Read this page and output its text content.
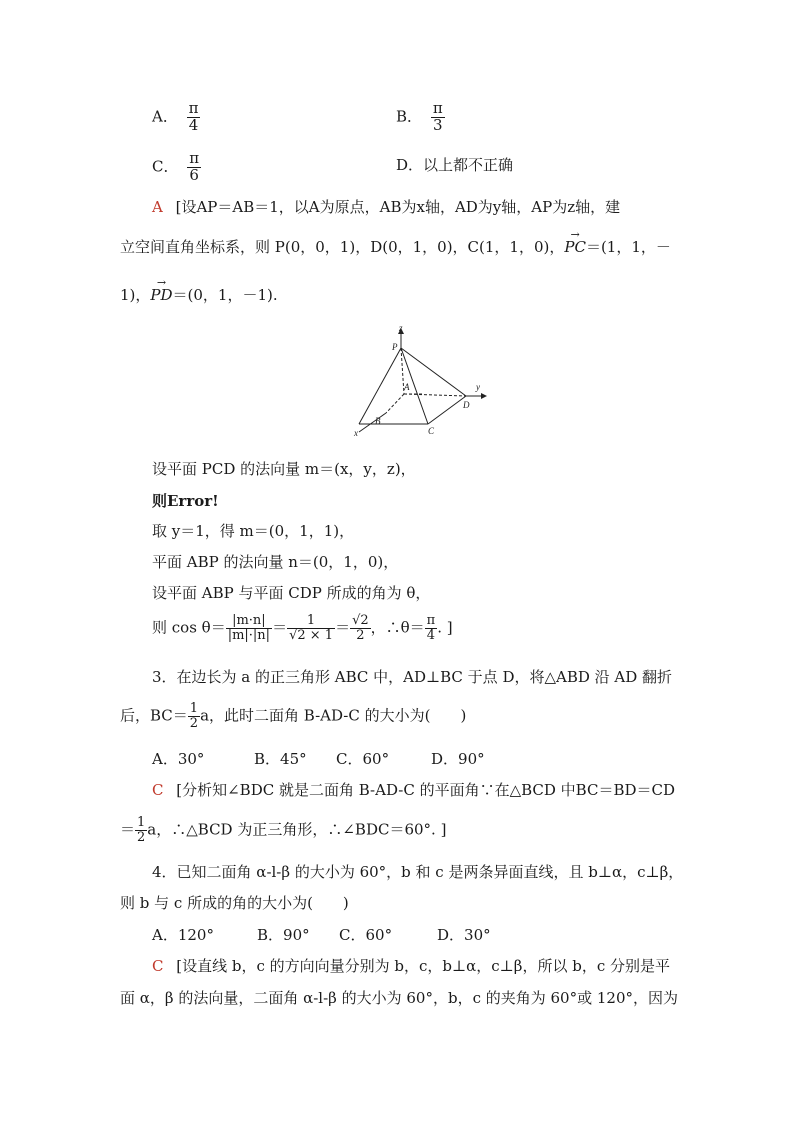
A． $\frac{\pi}{4}$	B． $\frac{\pi}{3}$
C． $\frac{\pi}{6}$	D．以上都不正确
A [设AP＝AB＝1，以A为原点，AB为x轴，AD为y轴，AP为z轴，建
立空间直角坐标系，则 P(0，0，1)，D(0，1，0)，C(1，1，0)，→ PC＝(1，1，－
1)，→ PD＝(0，1，－1).
z
y
x
P
A
B
C
D
设平面 PCD 的法向量 m＝(x，y，z)，
则Error!
取 y＝1，得 m＝(0，1，1)，
平面 ABP 的法向量 n＝(0，1，0)，
设平面 ABP 与平面 CDP 所成的角为 θ，
则 $\cos \theta= \frac{|m\cdot n|}{|m|\cdot|n|} = \frac{1}{√2 \times 1} = \frac{√2}{2}$ ，∴θ＝ $\frac{\pi}{4}$ . ]
3．在边长为 a 的正三角形 ABC 中，AD⊥BC 于点 D，将△ABD 沿 AD 翻折
后，$BC= \frac{1}{2}$ a，此时二面角 B-AD-C 的大小为(　　)
A．30°	B．45° C．60°	D．90°
C [分析知∠BDC 就是二面角 B-AD-C 的平面角∵在△BCD 中BC＝BD＝CD
＝ $\frac{1}{2}$ a，∴△BCD 为正三角形，∴∠BDC＝60°. ]
4．已知二面角 α-l-β 的大小为 60°，b 和 c 是两条异面直线，且 b⊥α，c⊥β，
则 b 与 c 所成的角的大小为(　　)
A．120°	B．90° C．60°	D．30°
C [设直线 b，c 的方向向量分别为 b，c，b⊥α，c⊥β，所以 b，c 分别是平
面 α，β 的法向量，二面角 α-l-β 的大小为 60°，b，c 的夹角为 60°或 120°，因为
